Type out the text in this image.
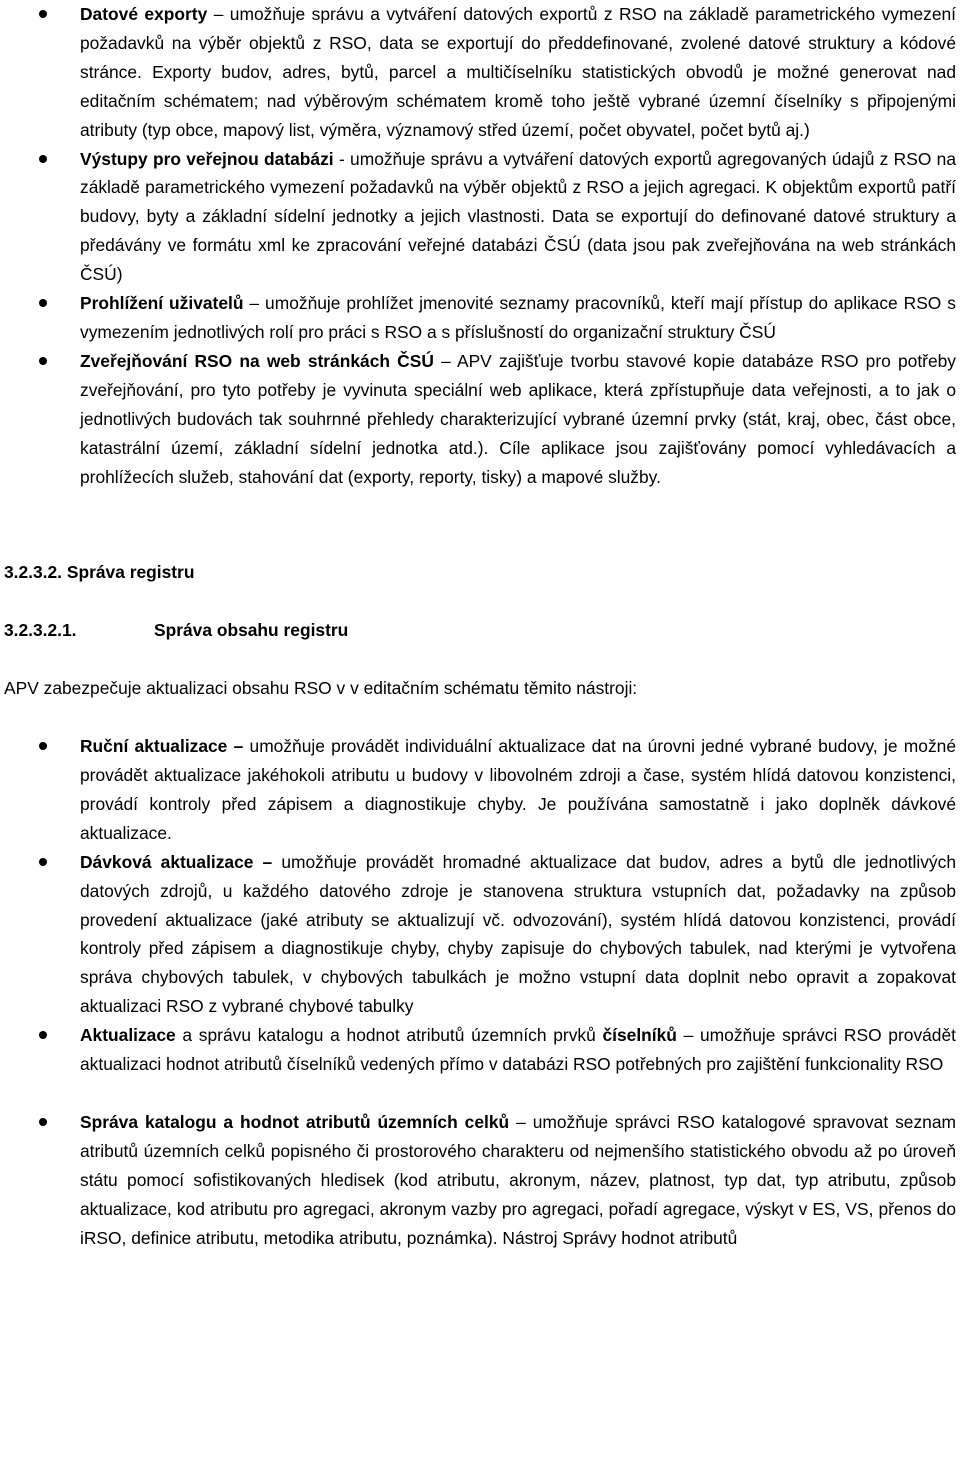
Datové exporty – umožňuje správu a vytváření datových exportů z RSO na základě parametrického vymezení požadavků na výběr objektů z RSO, data se exportují do předdefinované, zvolené datové struktury a kódové stránce. Exporty budov, adres, bytů, parcel a multičíselníku statistických obvodů je možné generovat nad editačním schématem; nad výběrovým schématem kromě toho ještě vybrané územní číselníky s připojenými atributy (typ obce, mapový list, výměra, významový střed území, počet obyvatel, počet bytů aj.)
Výstupy pro veřejnou databázi - umožňuje správu a vytváření datových exportů agregovaných údajů z RSO na základě parametrického vymezení požadavků na výběr objektů z RSO a jejich agregaci. K objektům exportů patří budovy, byty a základní sídelní jednotky a jejich vlastnosti. Data se exportují do definované datové struktury a předávány ve formátu xml ke zpracování veřejné databázi ČSÚ (data jsou pak zveřejňována na web stránkách ČSÚ)
Prohlížení uživatelů – umožňuje prohlížet jmenovité seznamy pracovníků, kteří mají přístup do aplikace RSO s vymezením jednotlivých rolí pro práci s RSO a s příslušností do organizační struktury ČSÚ
Zveřejňování RSO na web stránkách ČSÚ – APV zajišťuje tvorbu stavové kopie databáze RSO pro potřeby zveřejňování, pro tyto potřeby je vyvinuta speciální web aplikace, která zpřístupňuje data veřejnosti, a to jak o jednotlivých budovách tak souhrnné přehledy charakterizující vybrané územní prvky (stát, kraj, obec, část obce, katastrální území, základní sídelní jednotka atd.). Cíle aplikace jsou zajišťovány pomocí vyhledávacích a prohlížecích služeb, stahování dat (exporty, reporty, tisky) a mapové služby.
3.2.3.2. Správa registru
3.2.3.2.1.	Správa obsahu registru
APV zabezpečuje aktualizaci obsahu RSO v v editačním schématu těmito nástroji:
Ruční aktualizace – umožňuje provádět individuální aktualizace dat na úrovni jedné vybrané budovy, je možné provádět aktualizace jakéhokoli atributu u budovy v libovolném zdroji a čase, systém hlídá datovou konzistenci, provádí kontroly před zápisem a diagnostikuje chyby. Je používána samostatně i jako doplněk dávkové aktualizace.
Dávková aktualizace – umožňuje provádět hromadné aktualizace dat budov, adres a bytů dle jednotlivých datových zdrojů, u každého datového zdroje je stanovena struktura vstupních dat, požadavky na způsob provedení aktualizace (jaké atributy se aktualizují vč. odvozování), systém hlídá datovou konzistenci, provádí kontroly před zápisem a diagnostikuje chyby, chyby zapisuje do chybových tabulek, nad kterými je vytvořena správa chybových tabulek, v chybových tabulkách je možno vstupní data doplnit nebo opravit a zopakovat aktualizaci RSO z vybrané chybové tabulky
Aktualizace a správu katalogu a hodnot atributů územních prvků číselníků – umožňuje správci RSO provádět aktualizaci hodnot atributů číselníků vedených přímo v databázi RSO potřebných pro zajištění funkcionality RSO
Správa katalogu a hodnot atributů územních celků – umožňuje správci RSO katalogové spravovat seznam atributů územních celků popisného či prostorového charakteru od nejmenšího statistického obvodu až po úroveň státu pomocí sofistikovaných hledisek (kod atributu, akronym, název, platnost, typ dat, typ atributu, způsob aktualizace, kod atributu pro agregaci, akronym vazby pro agregaci, pořadí agregace, výskyt v ES, VS, přenos do iRSO, definice atributu, metodika atributu, poznámka). Nástroj Správy hodnot atributů
